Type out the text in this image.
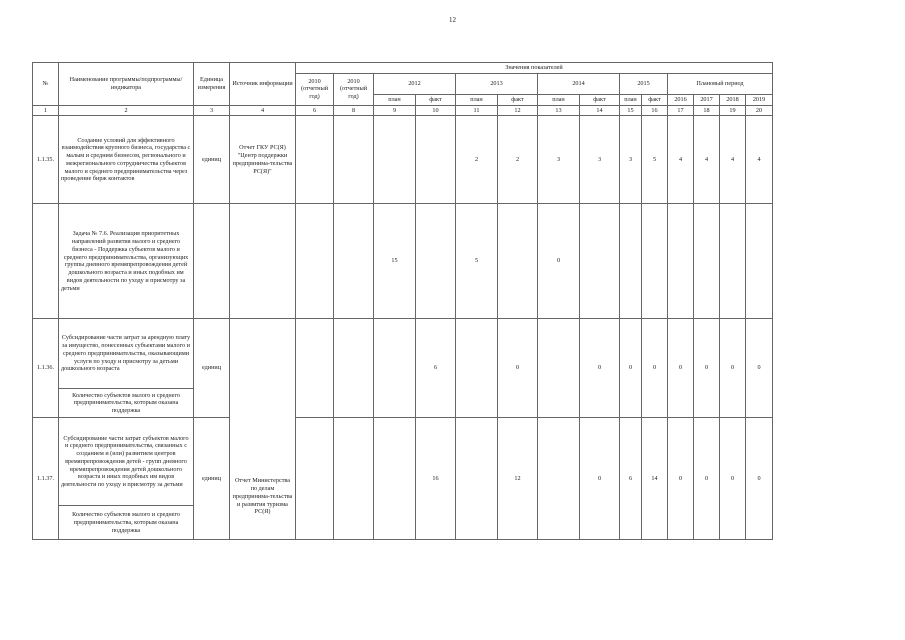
12
№	Наименование программы/подпрограммы/индикатора	Единица измерения	Источник информации	Значения показателей													
				2010 (отчетный год)	2010 (отчетный год)	2012		2013		2014		2015		Плановый период			
						план	факт	план	факт	план	факт	план	факт	2016	2017	2018	2019
1	2	3	4	6	8	9	10	11	12	13	14	15	16	17	18	19	20
1.1.35.	Создание условий для эффективного взаимодействия крупного бизнеса, государства с малым и средним бизнесом, регионального и межрегионального сотрудничества субъектов малого и среднего предпринимательства через проведение бирж контактов	единиц	Отчет ГКУ РС(Я) "Центр поддержки предпринима-тельства РС(Я)"					2	2	3	3	3	5	4	4	4	4
	Задача № 7.6. Реализация приоритетных направлений развития малого и среднего бизнеса - Поддержка субъектов малого и среднего предпринимательства, организующих группы дневного времяпрепровождения детей дошкольного возраста и иных подобных им видов деятельности по уходу и присмотру за детьми					15		5		0							
1.1.36.	Субсидирование части затрат за арендную плату за имущество, понесенных субъектами малого и среднего предпринимательства, оказывающими услуги по уходу и присмотру за детьми дошкольного возраста	единиц	Отчет Министерства по делам предпринима-тельства и развития туризма РС(Я)				6		0		0	0	0	0	0	0	0
	Количество субъектов малого и среднего предпринимательства, которым оказана поддержка																
1.1.37.	Субсидирование части затрат субъектов малого и среднего предпринимательства, связанных с созданием и (или) развитием центров времяпрепровождения детей - групп дневного времяпрепровождения детей дошкольного возраста и иных подобных им видов деятельности по уходу и присмотру за детьми	единиц					16		12		0	6	14	0	0	0	0
	Количество субъектов малого и среднего предпринимательства, которым оказана поддержка																
